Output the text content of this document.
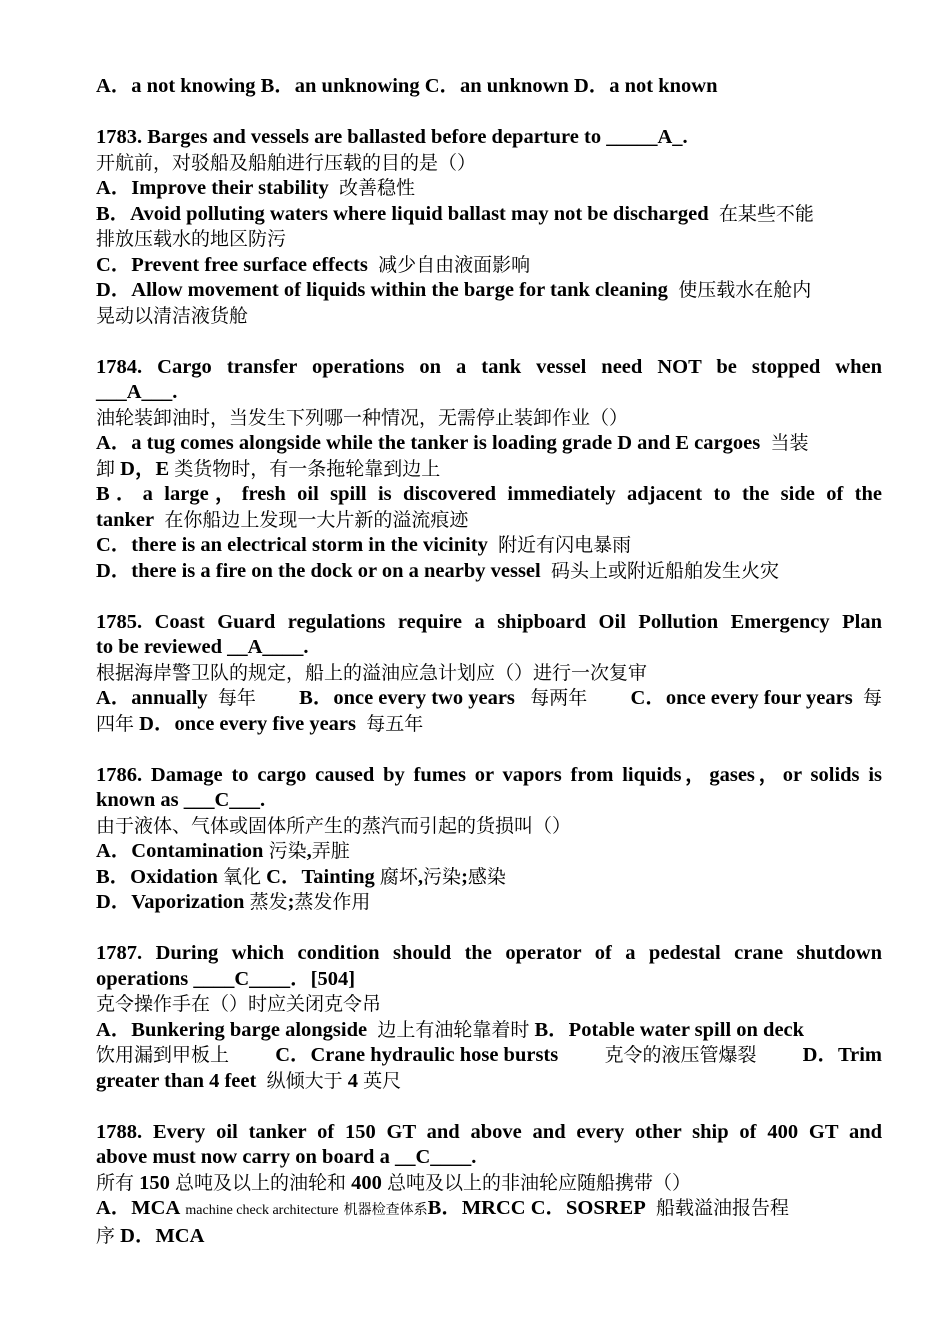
A．a not knowing B．an unknowing C．an unknown D．a not known
1783. Barges and vessels are ballasted before departure to _____A_.
开航前，对驳船及船舶进行压载的目的是（）
A．Improve their stability 改善稳性
B．Avoid polluting waters where liquid ballast may not be discharged 在某些不能
排放压载水的地区防污
C．Prevent free surface effects 减少自由液面影响
D．Allow movement of liquids within the barge for tank cleaning 使压载水在舱内
晃动以清洁液货舱
1784. Cargo transfer operations on a tank vessel need NOT be stopped when
___A___.
油轮装卸油时，当发生下列哪一种情况，无需停止装卸作业（）
A．a tug comes alongside while the tanker is loading grade D and E cargoes 当装
卸 D，E 类货物时，有一条拖轮靠到边上
B．a large，fresh oil spill is discovered immediately adjacent to the side of the
tanker 在你船边上发现一大片新的溢流痕迹
C．there is an electrical storm in the vicinity 附近有闪电暴雨
D．there is a fire on the dock or on a nearby vessel 码头上或附近船舶发生火灾
1785. Coast Guard regulations require a shipboard Oil Pollution Emergency Plan
to be reviewed __A____.
根据海岸警卫队的规定，船上的溢油应急计划应（）进行一次复审
A．annually 每年 B．once every two years 每两年 C．once every four years 每
四年 D．once every five years 每五年
1786. Damage to cargo caused by fumes or vapors from liquids，gases，or solids is
known as ___C___.
由于液体、气体或固体所产生的蒸汽而引起的货损叫（）
A．Contamination 污染,弄脏
B．Oxidation 氧化 C．Tainting 腐坏,污染;感染
D．Vaporization 蒸发;蒸发作用
1787. During which condition should the operator of a pedestal crane shutdown
operations ____C____．[504]
克令操作手在（）时应关闭克令吊
A．Bunkering barge alongside 边上有油轮靠着时 B．Potable water spill on deck
饮用漏到甲板上 C．Crane hydraulic hose bursts 克令的液压管爆裂 D．Trim
greater than 4 feet 纵倾大于 4 英尺
1788. Every oil tanker of 150 GT and above and every other ship of 400 GT and
above must now carry on board a __C____.
所有 150 总吨及以上的油轮和 400 总吨及以上的非油轮应随船携带（）
A．MCA machine check architecture 机器检查体系B．MRCC C．SOSREP 船载溢油报告程
序 D．MCA
